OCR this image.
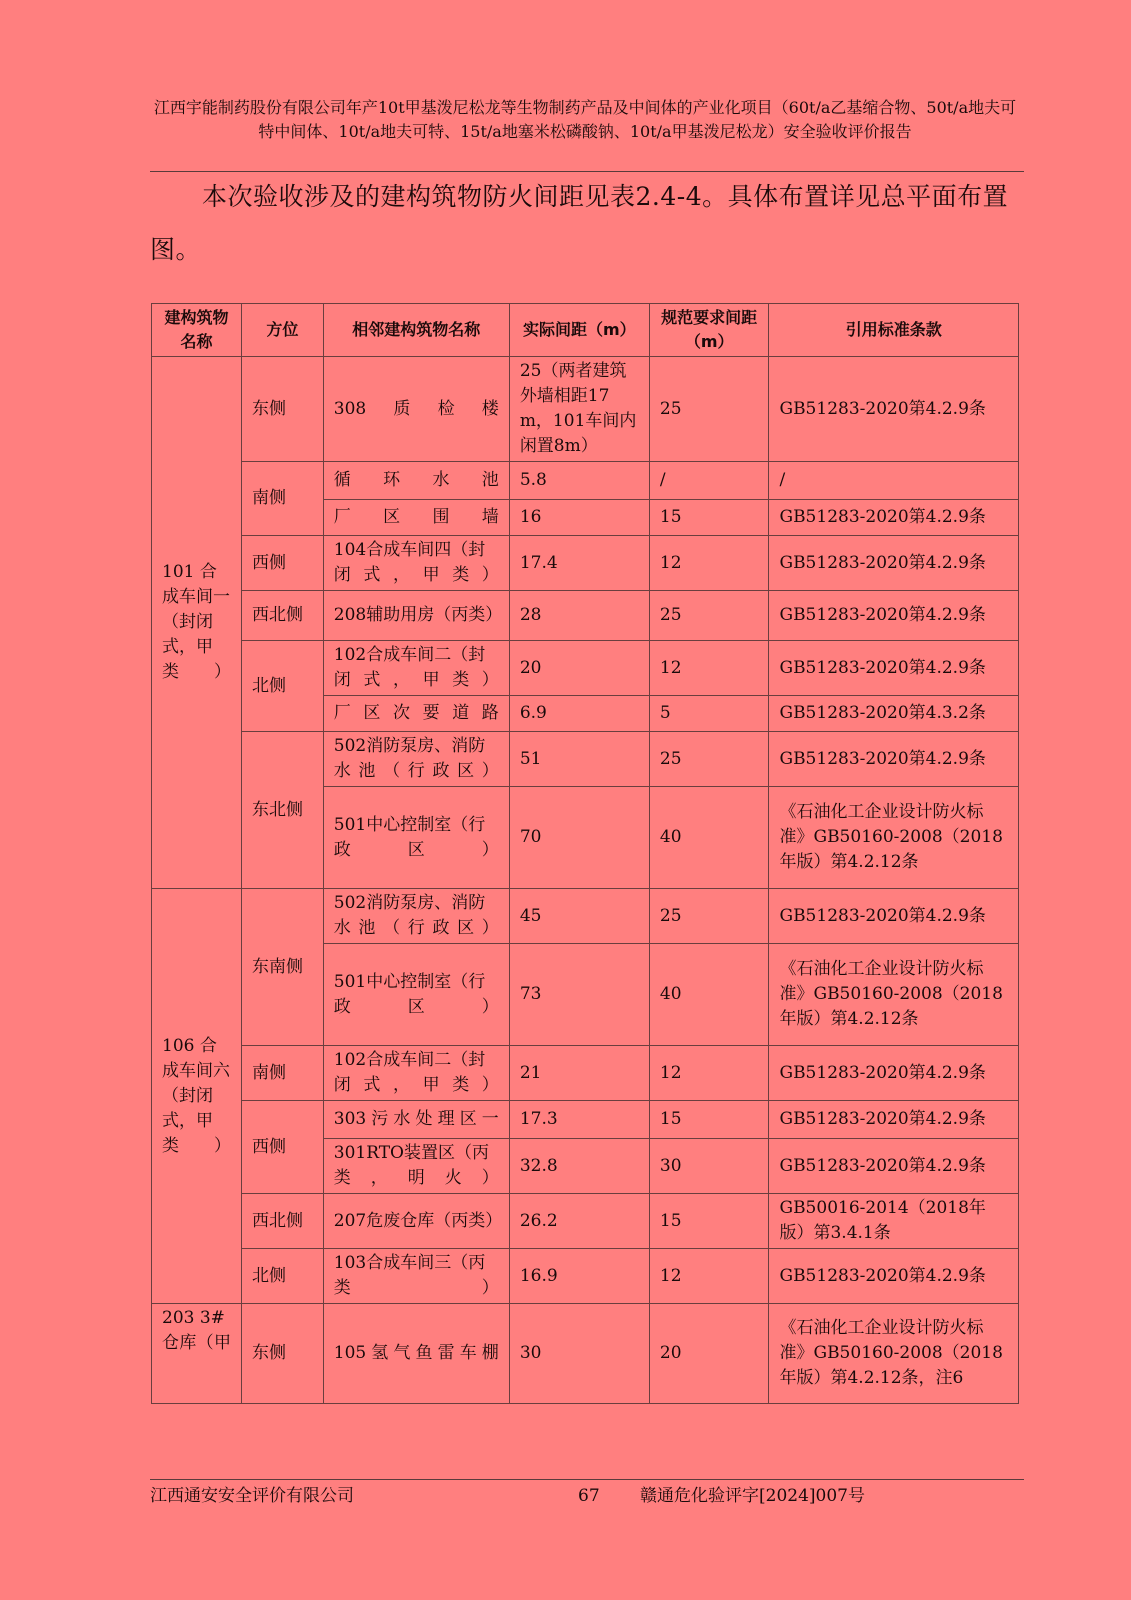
江西宇能制药股份有限公司年产10t甲基泼尼松龙等生物制药产品及中间体的产业化项目（60t/a乙基缩合物、50t/a地夫可特中间体、10t/a地夫可特、15t/a地塞米松磷酸钠、10t/a甲基泼尼松龙）安全验收评价报告
本次验收涉及的建构筑物防火间距见表2.4-4。具体布置详见总平面布置图。
建构筑物名称	方位	相邻建构筑物名称	实际间距（m）	规范要求间距（m）	引用标准条款
101 合成车间一（封闭式，甲类）	东侧	308质检楼	25（两者建筑外墙相距17m，101车间内闲置8m）	25	GB51283-2020第4.2.9条
	南侧	循环水池	5.8	/	/
		厂区围墙	16	15	GB51283-2020第4.2.9条
	西侧	104合成车间四（封闭式，甲类）	17.4	12	GB51283-2020第4.2.9条
	西北侧	208辅助用房（丙类）	28	25	GB51283-2020第4.2.9条
	北侧	102合成车间二（封闭式，甲类）	20	12	GB51283-2020第4.2.9条
		厂区次要道路	6.9	5	GB51283-2020第4.3.2条
	东北侧	502消防泵房、消防水池（行政区）	51	25	GB51283-2020第4.2.9条
		501中心控制室（行政区）	70	40	《石油化工企业设计防火标准》GB50160-2008（2018年版）第4.2.12条
106 合成车间六（封闭式，甲类）	东南侧	502消防泵房、消防水池（行政区）	45	25	GB51283-2020第4.2.9条
		501中心控制室（行政区）	73	40	《石油化工企业设计防火标准》GB50160-2008（2018年版）第4.2.12条
	南侧	102合成车间二（封闭式，甲类）	21	12	GB51283-2020第4.2.9条
	西侧	303污水处理区一	17.3	15	GB51283-2020第4.2.9条
		301RTO装置区（丙类，明火）	32.8	30	GB51283-2020第4.2.9条
	西北侧	207危废仓库（丙类）	26.2	15	GB50016-2014（2018年版）第3.4.1条
	北侧	103合成车间三（丙类）	16.9	12	GB51283-2020第4.2.9条
203 3#仓库（甲	东侧	105氢气鱼雷车棚	30	20	《石油化工企业设计防火标准》GB50160-2008（2018年版）第4.2.12条，注6
江西通安安全评价有限公司	67 赣通危化验评字[2024]007号
